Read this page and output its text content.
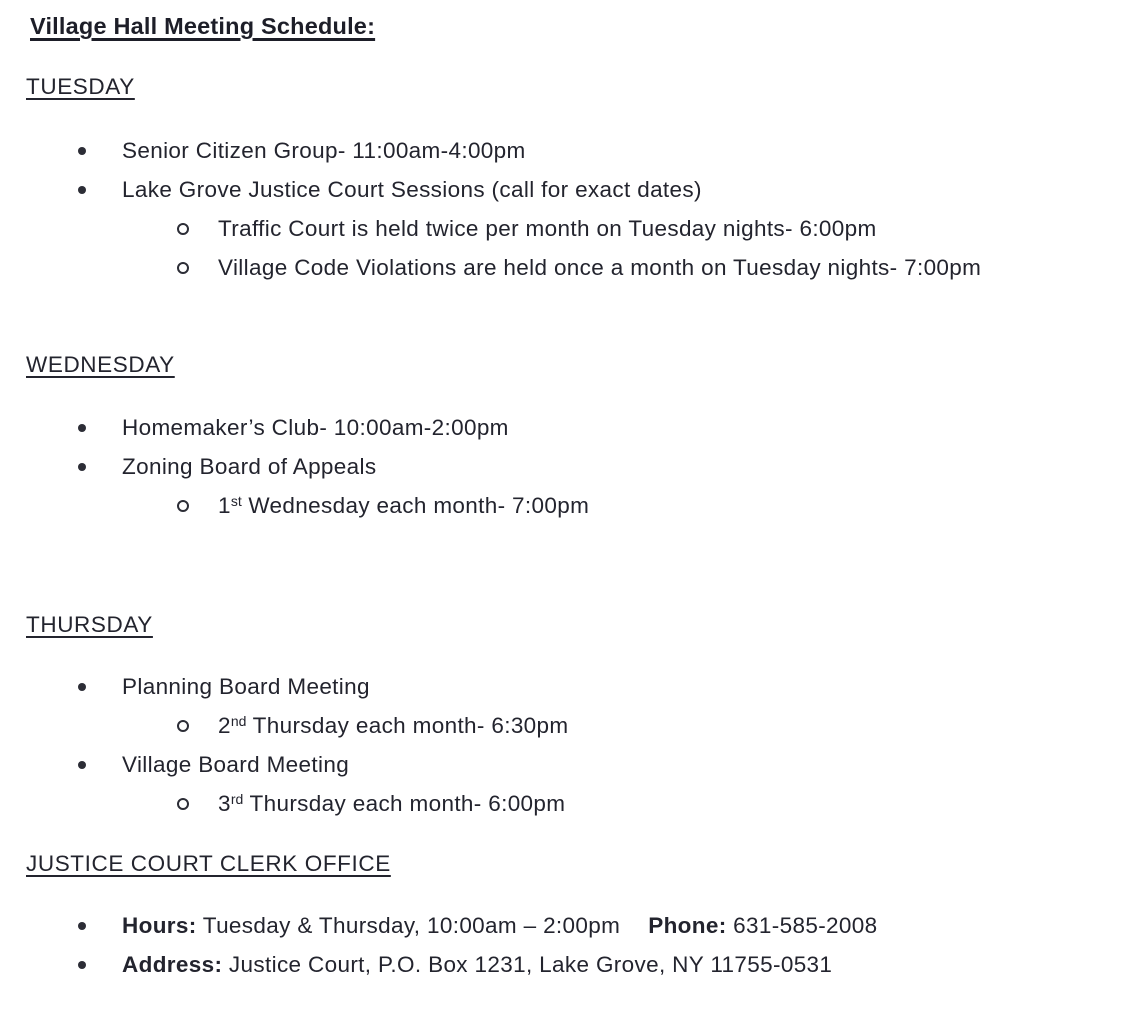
Village Hall Meeting Schedule:
TUESDAY
Senior Citizen Group- 11:00am-4:00pm
Lake Grove Justice Court Sessions (call for exact dates)
Traffic Court is held twice per month on Tuesday nights- 6:00pm
Village Code Violations are held once a month on Tuesday nights- 7:00pm
WEDNESDAY
Homemaker’s Club- 10:00am-2:00pm
Zoning Board of Appeals
1st Wednesday each month- 7:00pm
THURSDAY
Planning Board Meeting
2nd Thursday each month- 6:30pm
Village Board Meeting
3rd Thursday each month- 6:00pm
JUSTICE COURT CLERK OFFICE
Hours: Tuesday & Thursday, 10:00am – 2:00pm Phone: 631-585-2008
Address: Justice Court, P.O. Box 1231, Lake Grove, NY 11755-0531
